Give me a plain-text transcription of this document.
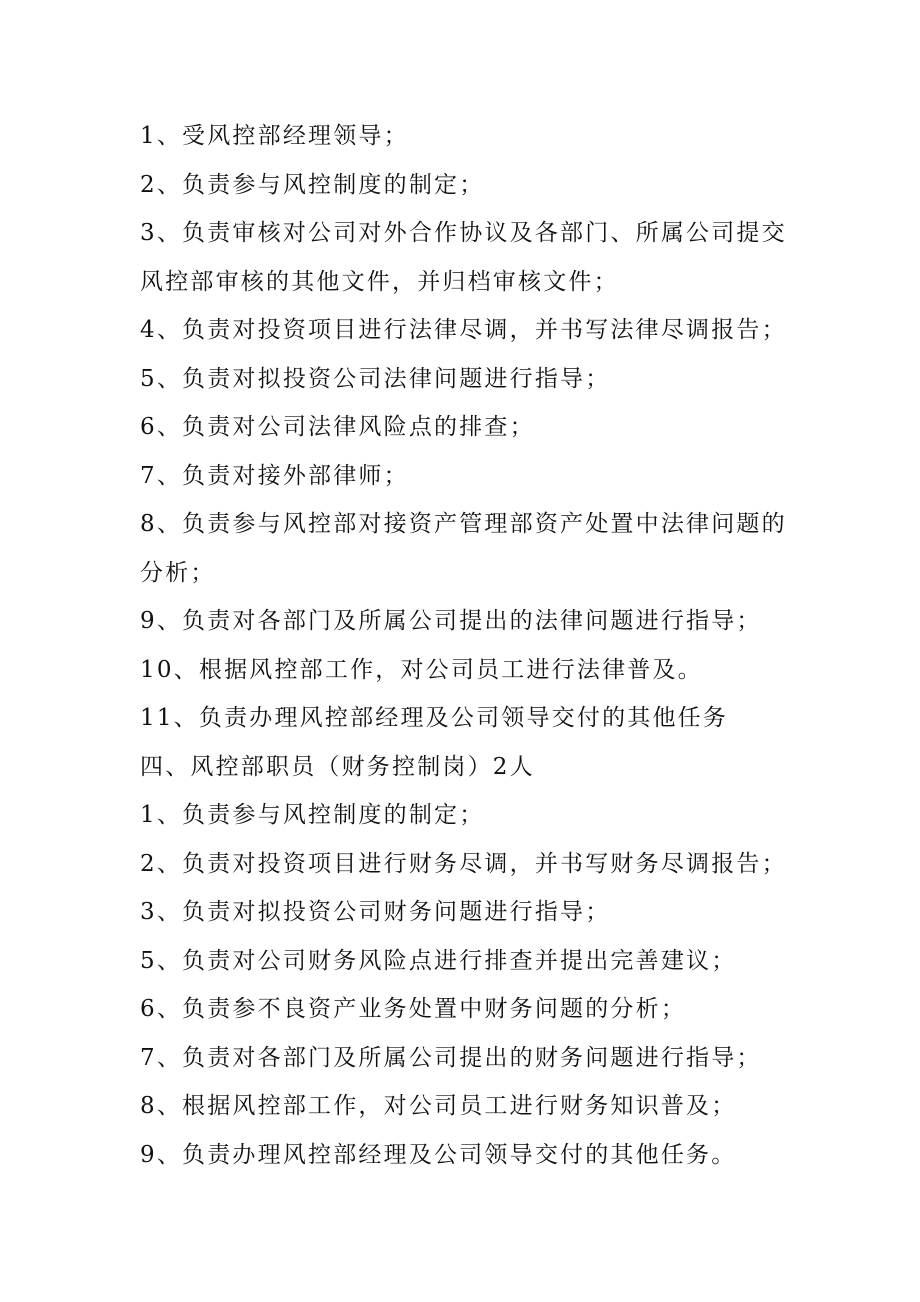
1、受风控部经理领导；
2、负责参与风控制度的制定；
3、负责审核对公司对外合作协议及各部门、所属公司提交
风控部审核的其他文件，并归档审核文件；
4、负责对投资项目进行法律尽调，并书写法律尽调报告；
5、负责对拟投资公司法律问题进行指导；
6、负责对公司法律风险点的排查；
7、负责对接外部律师；
8、负责参与风控部对接资产管理部资产处置中法律问题的
分析；
9、负责对各部门及所属公司提出的法律问题进行指导；
10、根据风控部工作，对公司员工进行法律普及。
11、负责办理风控部经理及公司领导交付的其他任务
四、风控部职员（财务控制岗）2人
1、负责参与风控制度的制定；
2、负责对投资项目进行财务尽调，并书写财务尽调报告；
3、负责对拟投资公司财务问题进行指导；
5、负责对公司财务风险点进行排查并提出完善建议；
6、负责参不良资产业务处置中财务问题的分析；
7、负责对各部门及所属公司提出的财务问题进行指导；
8、根据风控部工作，对公司员工进行财务知识普及；
9、负责办理风控部经理及公司领导交付的其他任务。
